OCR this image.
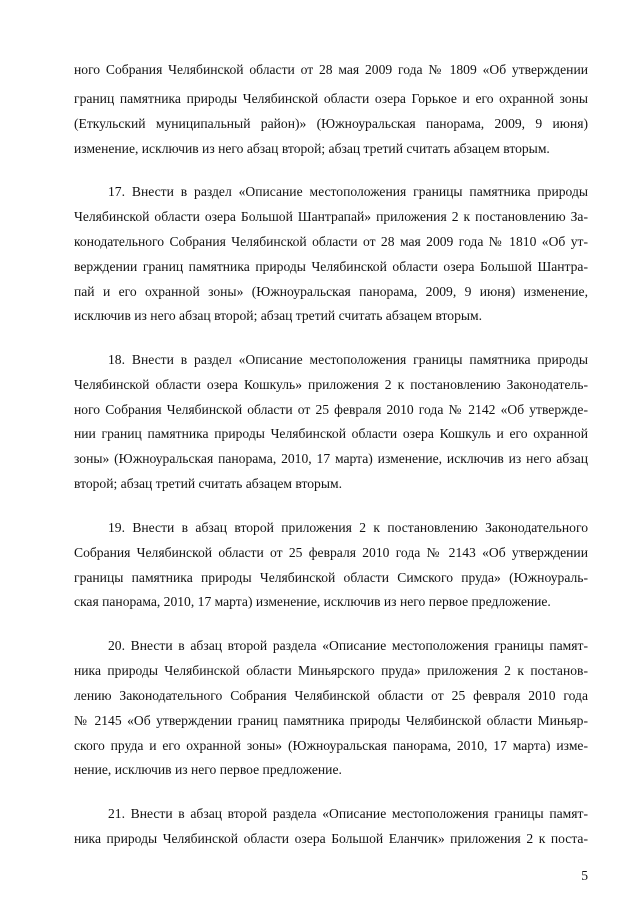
ного Собрания Челябинской области от 28 мая 2009 года № 1809 «Об утверждении
границ памятника природы Челябинской области озера Горькое и его охранной зоны
(Еткульский муниципальный район)» (Южноуральская панорама, 2009, 9 июня)
изменение, исключив из него абзац второй; абзац третий считать абзацем вторым.
17. Внести в раздел «Описание местоположения границы памятника природы
Челябинской области озера Большой Шантрапай» приложения 2 к постановлению За-
конодательного Собрания Челябинской области от 28 мая 2009 года № 1810 «Об ут-
верждении границ памятника природы Челябинской области озера Большой Шантра-
пай и его охранной зоны» (Южноуральская панорама, 2009, 9 июня) изменение,
исключив из него абзац второй; абзац третий считать абзацем вторым.
18. Внести в раздел «Описание местоположения границы памятника природы
Челябинской области озера Кошкуль» приложения 2 к постановлению Законодатель-
ного Собрания Челябинской области от 25 февраля 2010 года № 2142 «Об утвержде-
нии границ памятника природы Челябинской области озера Кошкуль и его охранной
зоны» (Южноуральская панорама, 2010, 17 марта) изменение, исключив из него абзац
второй; абзац третий считать абзацем вторым.
19. Внести в абзац второй приложения 2 к постановлению Законодательного
Собрания Челябинской области от 25 февраля 2010 года № 2143 «Об утверждении
границы памятника природы Челябинской области Симского пруда» (Южноураль-
ская панорама, 2010, 17 марта) изменение, исключив из него первое предложение.
20. Внести в абзац второй раздела «Описание местоположения границы памят-
ника природы Челябинской области Миньярского пруда» приложения 2 к постанов-
лению Законодательного Собрания Челябинской области от 25 февраля 2010 года
№ 2145 «Об утверждении границ памятника природы Челябинской области Миньяр-
ского пруда и его охранной зоны» (Южноуральская панорама, 2010, 17 марта) изме-
нение, исключив из него первое предложение.
21. Внести в абзац второй раздела «Описание местоположения границы памят-
ника природы Челябинской области озера Большой Еланчик» приложения 2 к поста-
5
